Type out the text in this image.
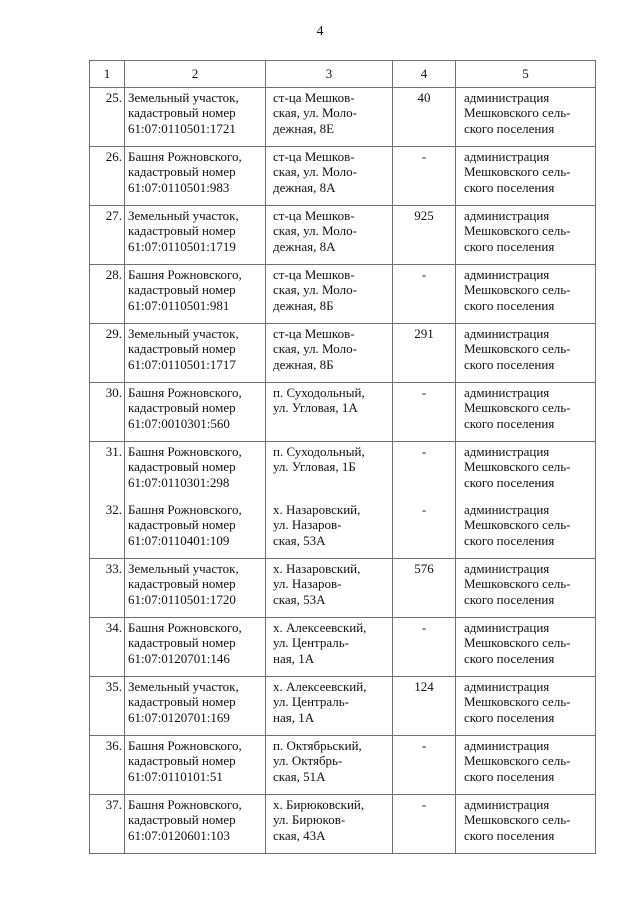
4
1	2	3	4	5
25.	Земельный участок,
кадастровый номер
61:07:0110501:1721	ст-ца Мешков-
ская, ул. Моло-
дежная, 8Е	40	администрация
Мешковского сель-
ского поселения

26.	Башня Рожновского,
кадастровый номер
61:07:0110501:983	ст-ца Мешков-
ская, ул. Моло-
дежная, 8А	-	администрация
Мешковского сель-
ского поселения

27.	Земельный участок,
кадастровый номер
61:07:0110501:1719	ст-ца Мешков-
ская, ул. Моло-
дежная, 8А	925	администрация
Мешковского сель-
ского поселения

28.	Башня Рожновского,
кадастровый номер
61:07:0110501:981	ст-ца Мешков-
ская, ул. Моло-
дежная, 8Б	-	администрация
Мешковского сель-
ского поселения

29.	Земельный участок,
кадастровый номер
61:07:0110501:1717	ст-ца Мешков-
ская, ул. Моло-
дежная, 8Б	291	администрация
Мешковского сель-
ского поселения

30.	Башня Рожновского,
кадастровый номер
61:07:0010301:560	п. Суходольный,
ул. Угловая, 1А	-	администрация
Мешковского сель-
ского поселения

31.	Башня Рожновского,
кадастровый номер
61:07:0110301:298	п. Суходольный,
ул. Угловая, 1Б	-	администрация
Мешковского сель-
ского поселения

32.	Башня Рожновского,
кадастровый номер
61:07:0110401:109	х. Назаровский,
ул. Назаров-
ская, 53А	-	администрация
Мешковского сель-
ского поселения

33.	Земельный участок,
кадастровый номер
61:07:0110501:1720	х. Назаровский,
ул. Назаров-
ская, 53А	576	администрация
Мешковского сель-
ского поселения

34.	Башня Рожновского,
кадастровый номер
61:07:0120701:146	х. Алексеевский,
ул. Централь-
ная, 1А	-	администрация
Мешковского сель-
ского поселения

35.	Земельный участок,
кадастровый номер
61:07:0120701:169	х. Алексеевский,
ул. Централь-
ная, 1А	124	администрация
Мешковского сель-
ского поселения

36.	Башня Рожновского,
кадастровый номер
61:07:0110101:51	п. Октябрьский,
ул. Октябрь-
ская, 51А	-	администрация
Мешковского сель-
ского поселения

37.	Башня Рожновского,
кадастровый номер
61:07:0120601:103	х. Бирюковский,
ул. Бирюков-
ская, 43А	-	администрация
Мешковского сель-
ского поселения
